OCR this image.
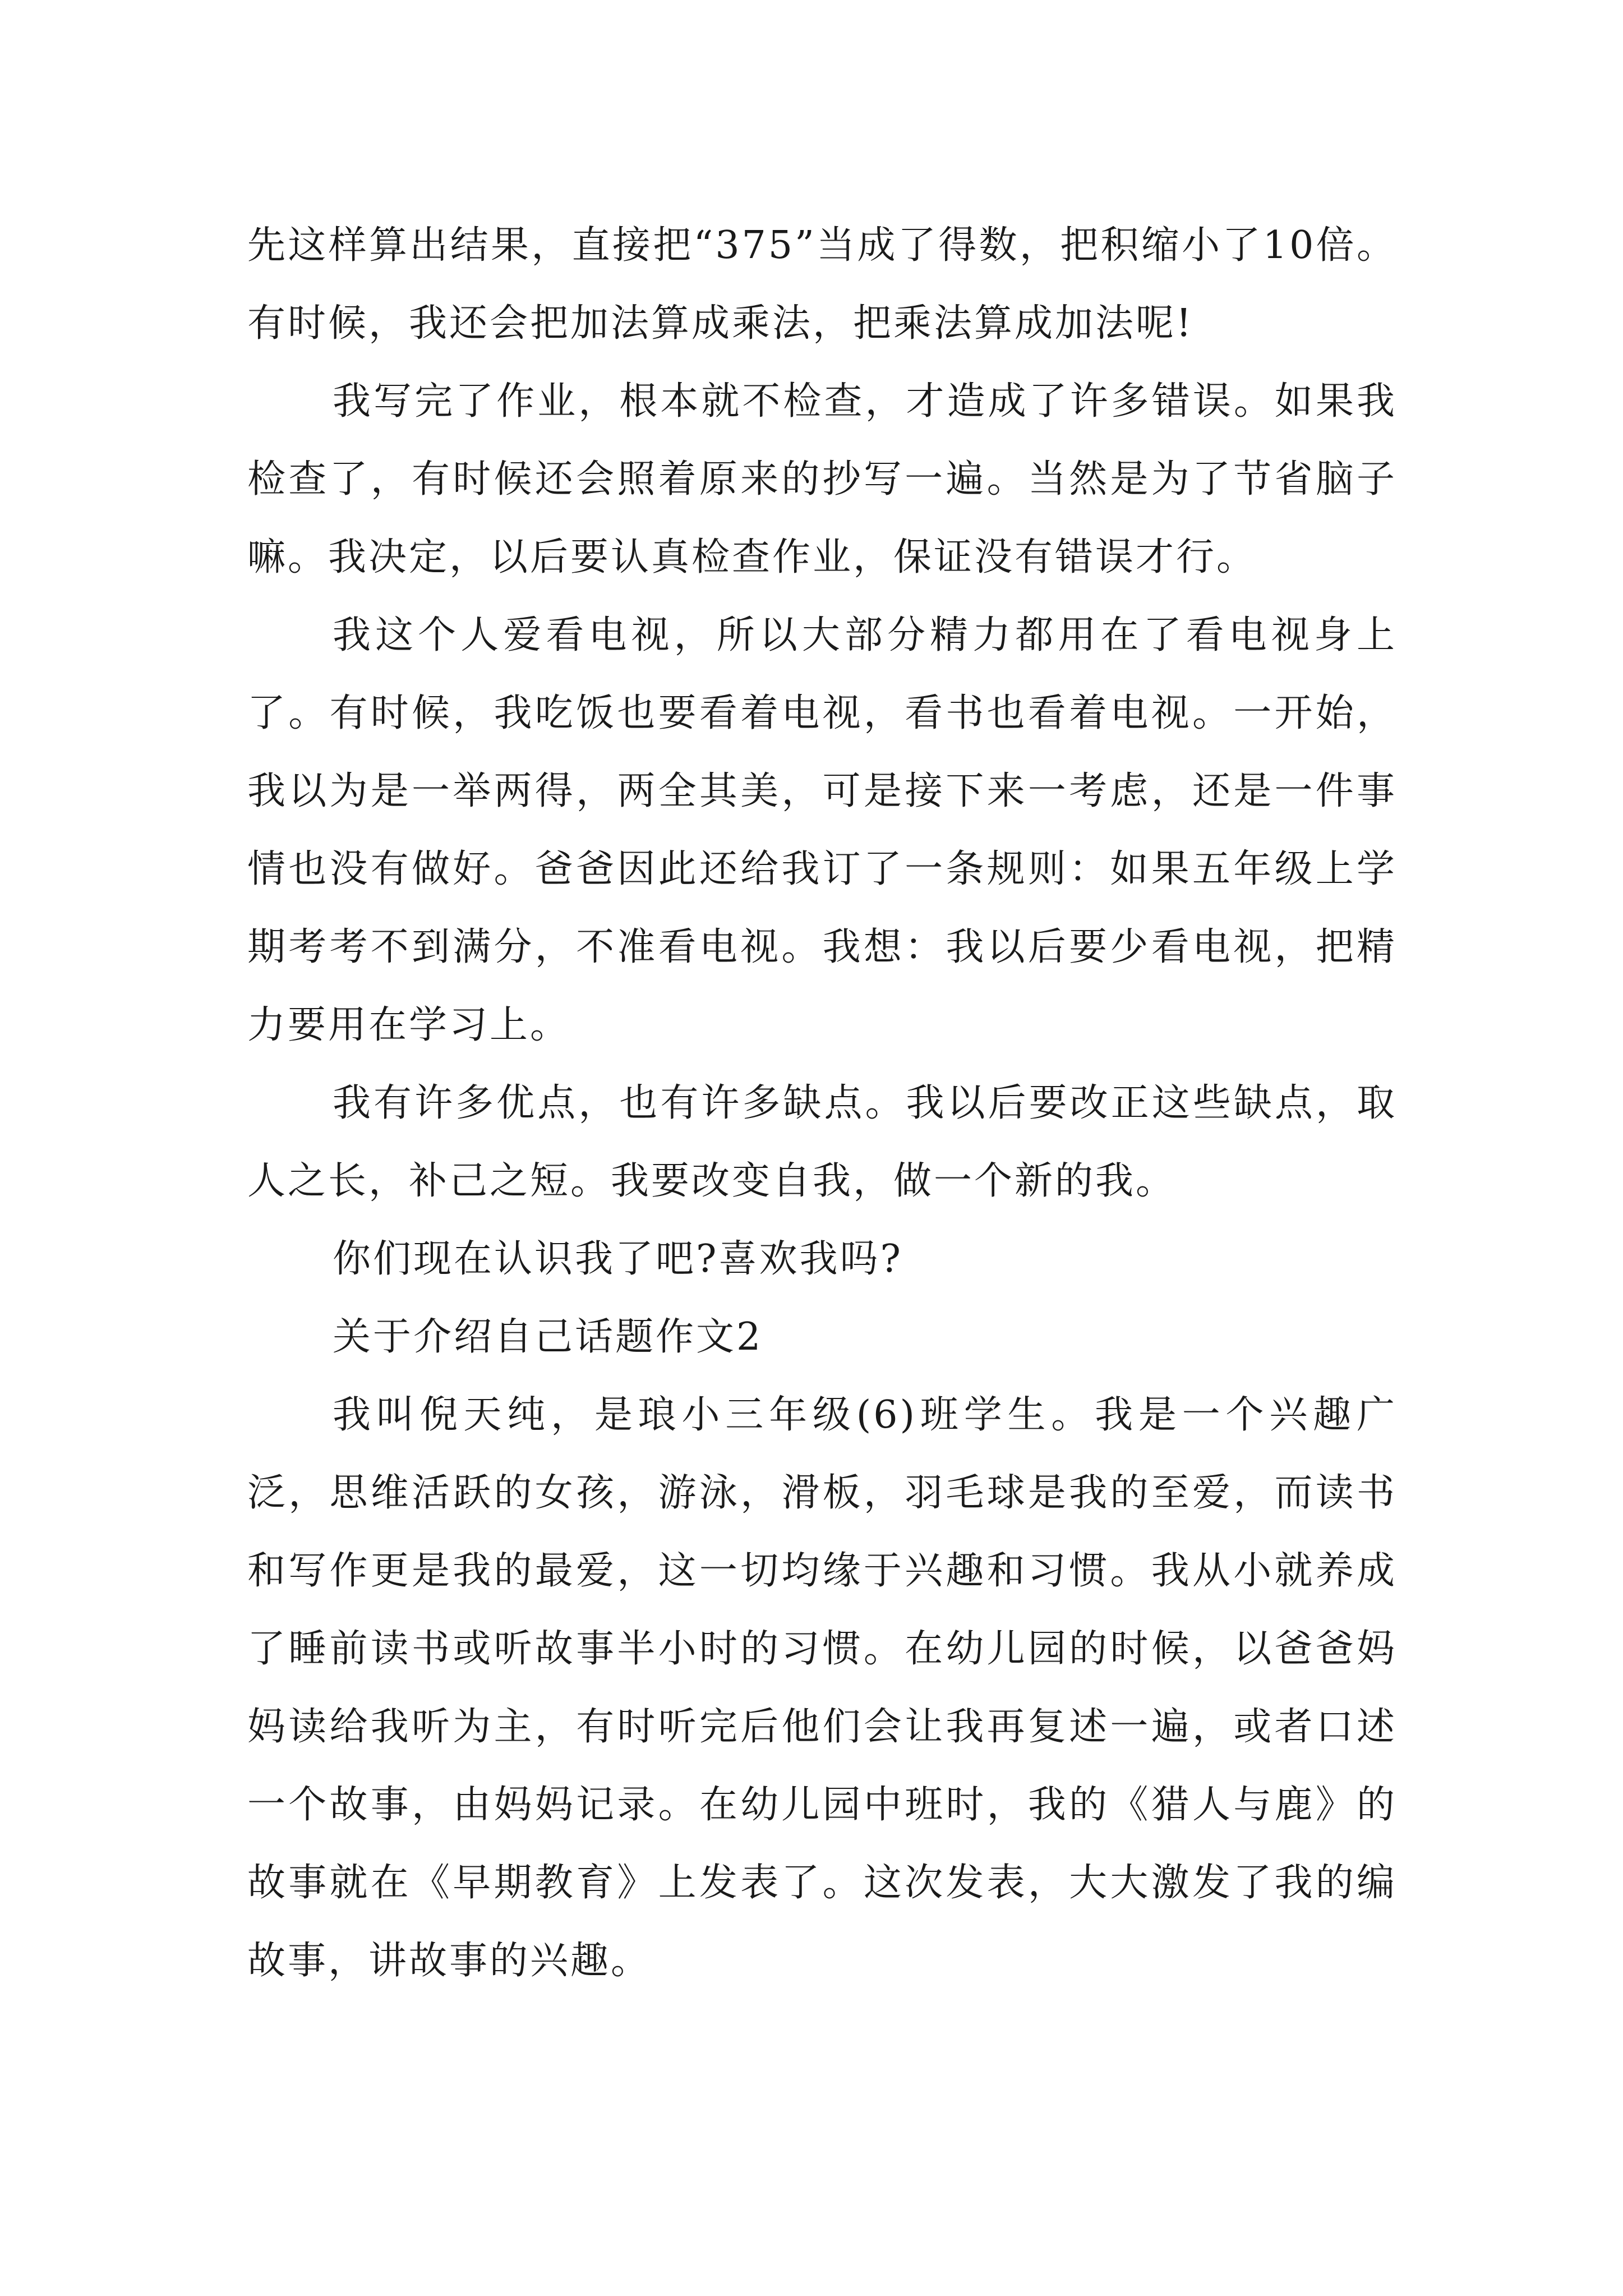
先这样算出结果，直接把“375”当成了得数，把积缩小了10倍。有时候，我还会把加法算成乘法，把乘法算成加法呢!

我写完了作业，根本就不检查，才造成了许多错误。如果我检查了，有时候还会照着原来的抄写一遍。当然是为了节省脑子嘛。我决定，以后要认真检查作业，保证没有错误才行。

我这个人爱看电视，所以大部分精力都用在了看电视身上了。有时候，我吃饭也要看着电视，看书也看着电视。一开始，我以为是一举两得，两全其美，可是接下来一考虑，还是一件事情也没有做好。爸爸因此还给我订了一条规则：如果五年级上学期考考不到满分，不准看电视。我想：我以后要少看电视，把精力要用在学习上。

我有许多优点，也有许多缺点。我以后要改正这些缺点，取人之长，补己之短。我要改变自我，做一个新的我。

你们现在认识我了吧?喜欢我吗?

关于介绍自己话题作文2

我叫倪天纯，是琅小三年级(6)班学生。我是一个兴趣广泛，思维活跃的女孩，游泳，滑板，羽毛球是我的至爱，而读书和写作更是我的最爱，这一切均缘于兴趣和习惯。我从小就养成了睡前读书或听故事半小时的习惯。在幼儿园的时候，以爸爸妈妈读给我听为主，有时听完后他们会让我再复述一遍，或者口述一个故事，由妈妈记录。在幼儿园中班时，我的《猎人与鹿》的故事就在《早期教育》上发表了。这次发表，大大激发了我的编故事，讲故事的兴趣。
